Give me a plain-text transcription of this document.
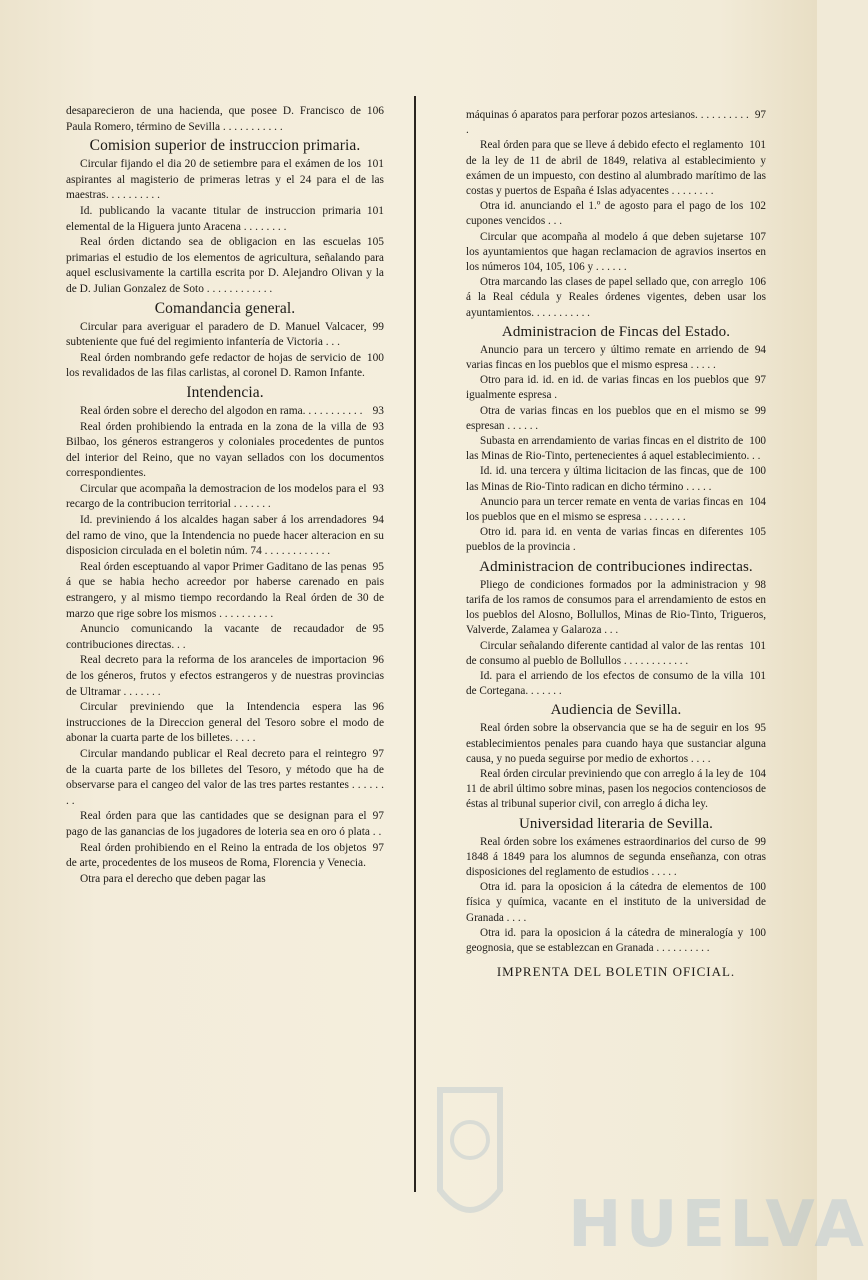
106
desaparecieron de una hacienda, que posee D. Francisco de Paula Romero, término de Sevilla . . . . . . . . . . .

Comision superior de instruccion primaria.

101
Circular fijando el dia 20 de setiembre para el exámen de los aspirantes al magisterio de primeras letras y el 24 para el de las maestras. . . . . . . . . .

101
Id. publicando la vacante titular de instruccion primaria elemental de la Higuera junto Aracena . . . . . . . .

105
Real órden dictando sea de obligacion en las escuelas primarias el estudio de los elementos de agricultura, señalando para aquel esclusivamente la cartilla escrita por D. Alejandro Olivan y la de D. Julian Gonzalez de Soto . . . . . . . . . . . .

Comandancia general.

99
Circular para averiguar el paradero de D. Manuel Valcacer, subteniente que fué del regimiento infantería de Victoria . . .

100
Real órden nombrando gefe redactor de hojas de servicio de los revalidados de las filas carlistas, al coronel D. Ramon Infante.

Intendencia.

93
Real órden sobre el derecho del algodon en rama. . . . . . . . . . .

93
Real órden prohibiendo la entrada en la zona de la villa de Bilbao, los géneros estrangeros y coloniales procedentes de puntos del interior del Reino, que no vayan sellados con los documentos correspondientes.

93
Circular que acompaña la demostracion de los modelos para el recargo de la contribucion territorial . . . . . . .

94
Id. previniendo á los alcaldes hagan saber á los arrendadores del ramo de vino, que la Intendencia no puede hacer alteracion en su disposicion circulada en el boletin núm. 74 . . . . . . . . . . . .

95
Real órden esceptuando al vapor Primer Gaditano de las penas á que se habia hecho acreedor por haberse carenado en pais estrangero, y al mismo tiempo recordando la Real órden de 30 de marzo que rige sobre los mismos . . . . . . . . . .

95
Anuncio comunicando la vacante de recaudador de contribuciones directas. . .

96
Real decreto para la reforma de los aranceles de importacion de los géneros, frutos y efectos estrangeros y de nuestras provincias de Ultramar . . . . . . .

96
Circular previniendo que la Intendencia espera las instrucciones de la Direccion general del Tesoro sobre el modo de abonar la cuarta parte de los billetes. . . . .

97
Circular mandando publicar el Real decreto para el reintegro de la cuarta parte de los billetes del Tesoro, y método que ha de observarse para el cangeo del valor de las tres partes restantes . . . . . . . .

97
Real órden para que las cantidades que se designan para el pago de las ganancias de los jugadores de loteria sea en oro ó plata . .

97
Real órden prohibiendo en el Reino la entrada de los objetos de arte, procedentes de los museos de Roma, Florencia y Venecia.

Otra para el derecho que deben pagar las

97
máquinas ó aparatos para perforar pozos artesianos. . . . . . . . . . .

101
Real órden para que se lleve á debido efecto el reglamento de la ley de 11 de abril de 1849, relativa al establecimiento y exámen de un impuesto, con destino al alumbrado marítimo de las costas y puertos de España é Islas adyacentes . . . . . . . .

102
Otra id. anunciando el 1.º de agosto para el pago de los cupones vencidos . . .

107
Circular que acompaña al modelo á que deben sujetarse los ayuntamientos que hagan reclamacion de agravios insertos en los números 104, 105, 106 y . . . . . .

106
Otra marcando las clases de papel sellado que, con arreglo á la Real cédula y Reales órdenes vigentes, deben usar los ayuntamientos. . . . . . . . . . .

Administracion de Fincas del Estado.

94
Anuncio para un tercero y último remate en arriendo de varias fincas en los pueblos que el mismo espresa . . . . .

97
Otro para id. id. en id. de varias fincas en los pueblos que igualmente espresa .

99
Otra de varias fincas en los pueblos que en el mismo se espresan . . . . . .

100
Subasta en arrendamiento de varias fincas en el distrito de las Minas de Rio-Tinto, pertenecientes á aquel establecimiento. . .

100
Id. id. una tercera y última licitacion de las fincas, que de las Minas de Rio-Tinto radican en dicho término . . . . .

104
Anuncio para un tercer remate en venta de varias fincas en los pueblos que en el mismo se espresa . . . . . . . .

105
Otro id. para id. en venta de varias fincas en diferentes pueblos de la provincia .

Administracion de contribuciones indirectas.

98
Pliego de condiciones formados por la administracion y tarifa de los ramos de consumos para el arrendamiento de estos en los pueblos del Alosno, Bollullos, Minas de Rio-Tinto, Trigueros, Valverde, Zalamea y Galaroza . . .

101
Circular señalando diferente cantidad al valor de las rentas de consumo al pueblo de Bollullos . . . . . . . . . . . .

101
Id. para el arriendo de los efectos de consumo de la villa de Cortegana. . . . . . .

Audiencia de Sevilla.

95
Real órden sobre la observancia que se ha de seguir en los establecimientos penales para cuando haya que sustanciar alguna causa, y no pueda seguirse por medio de exhortos . . . .

104
Real órden circular previniendo que con arreglo á la ley de 11 de abril último sobre minas, pasen los negocios contenciosos de éstas al tribunal superior civil, con arreglo á dicha ley.

Universidad literaria de Sevilla.

99
Real órden sobre los exámenes estraordinarios del curso de 1848 á 1849 para los alumnos de segunda enseñanza, con otras disposiciones del reglamento de estudios . . . . .

100
Otra id. para la oposicion á la cátedra de elementos de física y química, vacante en el instituto de la universidad de Granada . . . .

100
Otra id. para la oposicion á la cátedra de mineralogía y geognosia, que se establezcan en Granada . . . . . . . . . .

IMPRENTA DEL BOLETIN OFICIAL.
HUELVA
